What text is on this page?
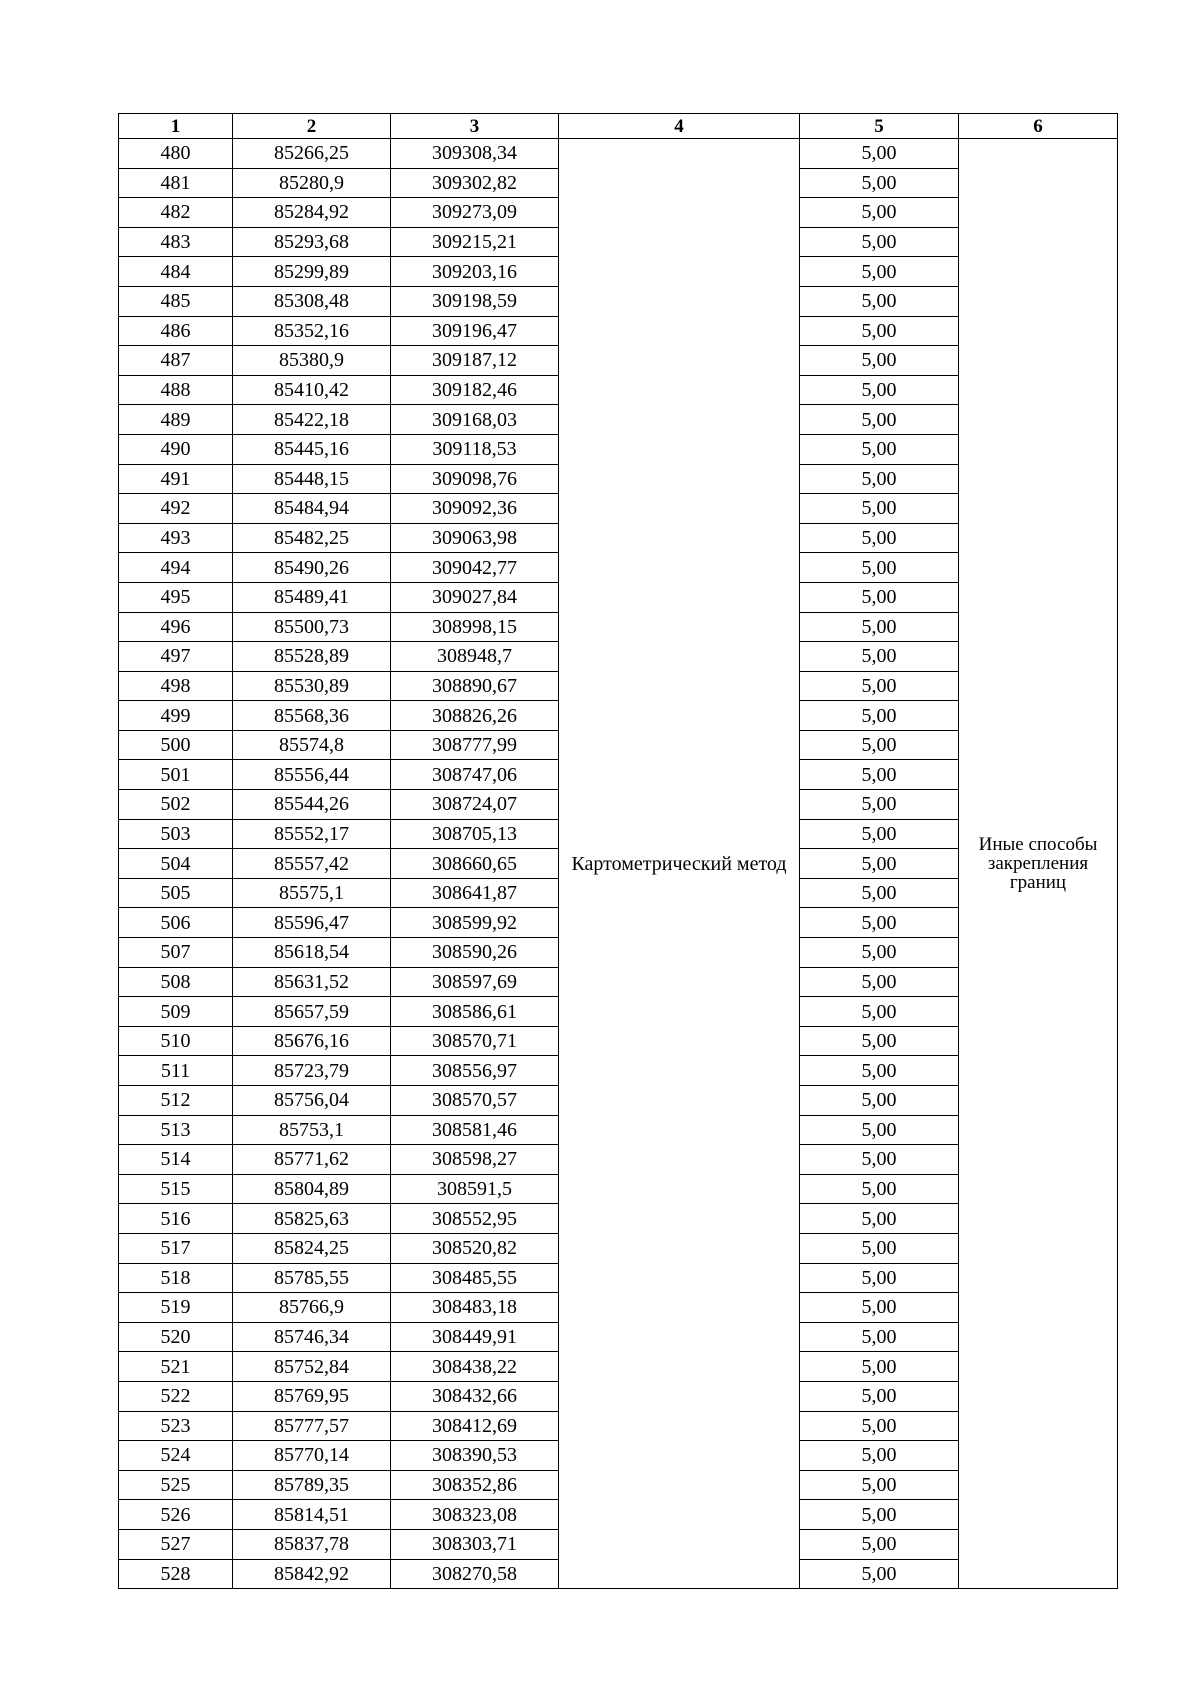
1	2	3	4	5	6
480	85266,25	309308,34	Картометрический метод	5,00	Иные способы
закрепления
границ

481	85280,9	309302,82		5,00	
482	85284,92	309273,09		5,00	
483	85293,68	309215,21		5,00	
484	85299,89	309203,16		5,00	
485	85308,48	309198,59		5,00	
486	85352,16	309196,47		5,00	
487	85380,9	309187,12		5,00	
488	85410,42	309182,46		5,00	
489	85422,18	309168,03		5,00	
490	85445,16	309118,53		5,00	
491	85448,15	309098,76		5,00	
492	85484,94	309092,36		5,00	
493	85482,25	309063,98		5,00	
494	85490,26	309042,77		5,00	
495	85489,41	309027,84		5,00	
496	85500,73	308998,15		5,00	
497	85528,89	308948,7		5,00	
498	85530,89	308890,67		5,00	
499	85568,36	308826,26		5,00	
500	85574,8	308777,99		5,00	
501	85556,44	308747,06		5,00	
502	85544,26	308724,07		5,00	
503	85552,17	308705,13		5,00	
504	85557,42	308660,65		5,00	
505	85575,1	308641,87		5,00	
506	85596,47	308599,92		5,00	
507	85618,54	308590,26		5,00	
508	85631,52	308597,69		5,00	
509	85657,59	308586,61		5,00	
510	85676,16	308570,71		5,00	
511	85723,79	308556,97		5,00	
512	85756,04	308570,57		5,00	
513	85753,1	308581,46		5,00	
514	85771,62	308598,27		5,00	
515	85804,89	308591,5		5,00	
516	85825,63	308552,95		5,00	
517	85824,25	308520,82		5,00	
518	85785,55	308485,55		5,00	
519	85766,9	308483,18		5,00	
520	85746,34	308449,91		5,00	
521	85752,84	308438,22		5,00	
522	85769,95	308432,66		5,00	
523	85777,57	308412,69		5,00	
524	85770,14	308390,53		5,00	
525	85789,35	308352,86		5,00	
526	85814,51	308323,08		5,00	
527	85837,78	308303,71		5,00	
528	85842,92	308270,58		5,00	
